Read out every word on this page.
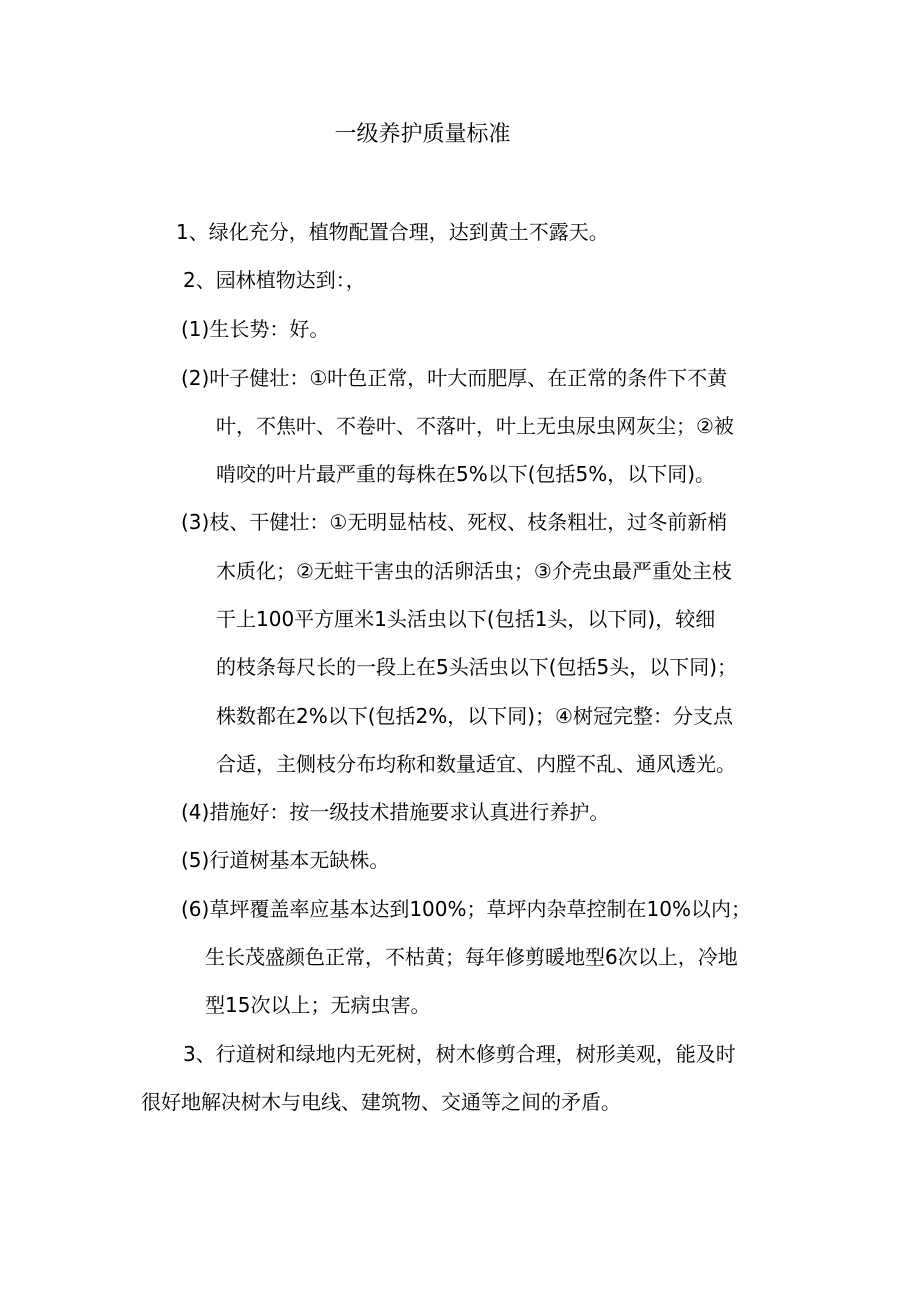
一级养护质量标准
1、绿化充分，植物配置合理，达到黄土不露天。
2、园林植物达到：，
(1)生长势：好。
(2)叶子健壮：①叶色正常，叶大而肥厚、在正常的条件下不黄
叶，不焦叶、不卷叶、不落叶，叶上无虫尿虫网灰尘；②被
啃咬的叶片最严重的每株在5%以下(包括5%，以下同)。
(3)枝、干健壮：①无明显枯枝、死杈、枝条粗壮，过冬前新梢
木质化；②无蛀干害虫的活卵活虫；③介壳虫最严重处主枝
干上100平方厘米1头活虫以下(包括1头，以下同)，较细
的枝条每尺长的一段上在5头活虫以下(包括5头，以下同)；
株数都在2%以下(包括2%，以下同)；④树冠完整：分支点
合适，主侧枝分布均称和数量适宜、内膛不乱、通风透光。
(4)措施好：按一级技术措施要求认真进行养护。
(5)行道树基本无缺株。
(6)草坪覆盖率应基本达到100%；草坪内杂草控制在10%以内；
生长茂盛颜色正常，不枯黄；每年修剪暖地型6次以上，冷地
型15次以上；无病虫害。
3、行道树和绿地内无死树，树木修剪合理，树形美观，能及时
很好地解决树木与电线、建筑物、交通等之间的矛盾。
